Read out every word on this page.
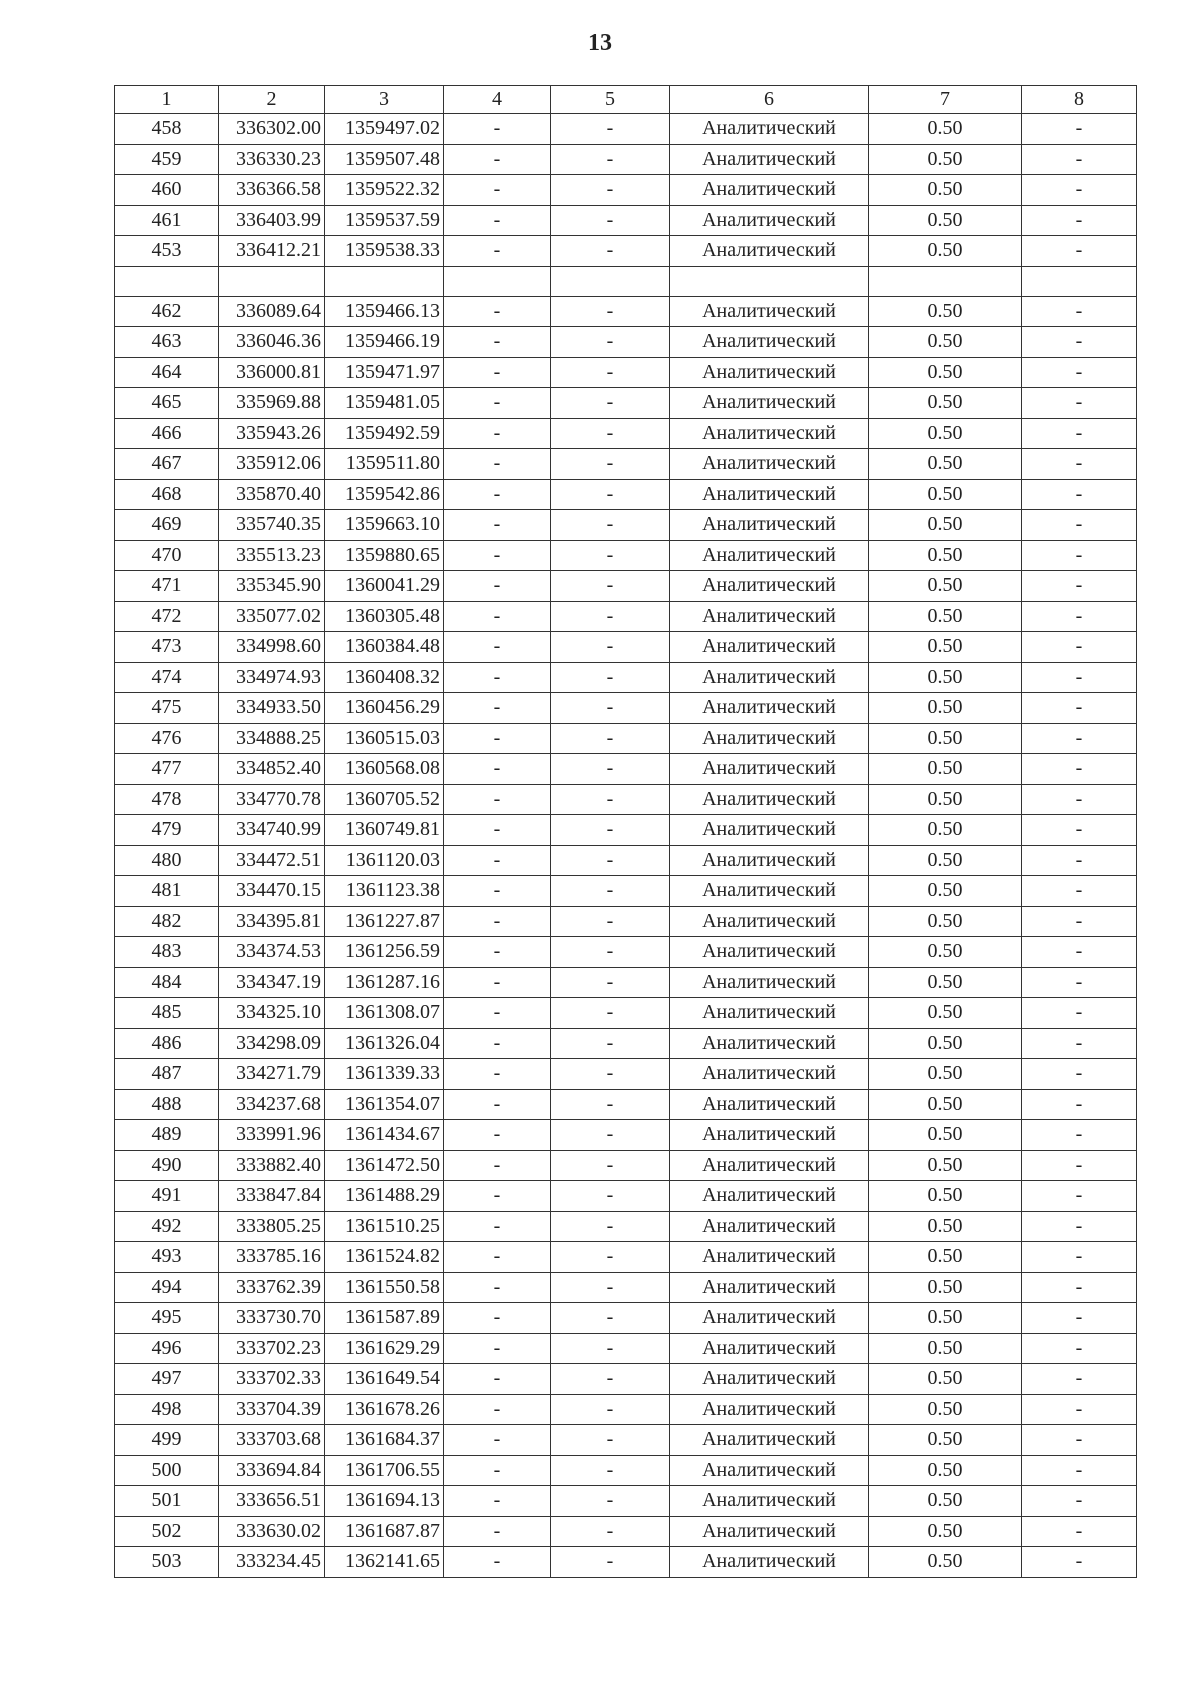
13
1	2	3	4	5	6	7	8
458	336302.00	1359497.02	-	-	Аналитический	0.50	-
459	336330.23	1359507.48	-	-	Аналитический	0.50	-
460	336366.58	1359522.32	-	-	Аналитический	0.50	-
461	336403.99	1359537.59	-	-	Аналитический	0.50	-
453	336412.21	1359538.33	-	-	Аналитический	0.50	-

462	336089.64	1359466.13	-	-	Аналитический	0.50	-
463	336046.36	1359466.19	-	-	Аналитический	0.50	-
464	336000.81	1359471.97	-	-	Аналитический	0.50	-
465	335969.88	1359481.05	-	-	Аналитический	0.50	-
466	335943.26	1359492.59	-	-	Аналитический	0.50	-
467	335912.06	1359511.80	-	-	Аналитический	0.50	-
468	335870.40	1359542.86	-	-	Аналитический	0.50	-
469	335740.35	1359663.10	-	-	Аналитический	0.50	-
470	335513.23	1359880.65	-	-	Аналитический	0.50	-
471	335345.90	1360041.29	-	-	Аналитический	0.50	-
472	335077.02	1360305.48	-	-	Аналитический	0.50	-
473	334998.60	1360384.48	-	-	Аналитический	0.50	-
474	334974.93	1360408.32	-	-	Аналитический	0.50	-
475	334933.50	1360456.29	-	-	Аналитический	0.50	-
476	334888.25	1360515.03	-	-	Аналитический	0.50	-
477	334852.40	1360568.08	-	-	Аналитический	0.50	-
478	334770.78	1360705.52	-	-	Аналитический	0.50	-
479	334740.99	1360749.81	-	-	Аналитический	0.50	-
480	334472.51	1361120.03	-	-	Аналитический	0.50	-
481	334470.15	1361123.38	-	-	Аналитический	0.50	-
482	334395.81	1361227.87	-	-	Аналитический	0.50	-
483	334374.53	1361256.59	-	-	Аналитический	0.50	-
484	334347.19	1361287.16	-	-	Аналитический	0.50	-
485	334325.10	1361308.07	-	-	Аналитический	0.50	-
486	334298.09	1361326.04	-	-	Аналитический	0.50	-
487	334271.79	1361339.33	-	-	Аналитический	0.50	-
488	334237.68	1361354.07	-	-	Аналитический	0.50	-
489	333991.96	1361434.67	-	-	Аналитический	0.50	-
490	333882.40	1361472.50	-	-	Аналитический	0.50	-
491	333847.84	1361488.29	-	-	Аналитический	0.50	-
492	333805.25	1361510.25	-	-	Аналитический	0.50	-
493	333785.16	1361524.82	-	-	Аналитический	0.50	-
494	333762.39	1361550.58	-	-	Аналитический	0.50	-
495	333730.70	1361587.89	-	-	Аналитический	0.50	-
496	333702.23	1361629.29	-	-	Аналитический	0.50	-
497	333702.33	1361649.54	-	-	Аналитический	0.50	-
498	333704.39	1361678.26	-	-	Аналитический	0.50	-
499	333703.68	1361684.37	-	-	Аналитический	0.50	-
500	333694.84	1361706.55	-	-	Аналитический	0.50	-
501	333656.51	1361694.13	-	-	Аналитический	0.50	-
502	333630.02	1361687.87	-	-	Аналитический	0.50	-
503	333234.45	1362141.65	-	-	Аналитический	0.50	-
